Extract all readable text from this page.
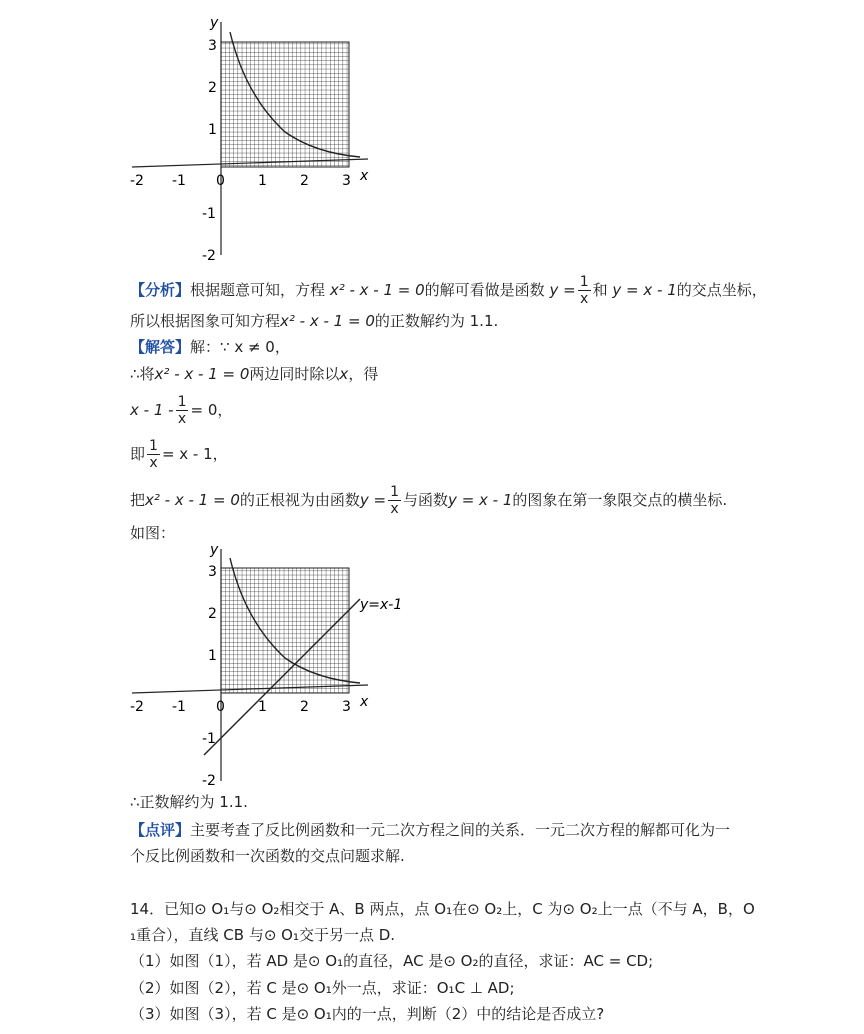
y
x
-2 -1 0 1 2 3
3
2
1
-1
-2
【分析】根据题意可知，方程 x² - x - 1 = 0的解可看做是函数 $y = \frac{1}{x}$ 和 y = x - 1的交点坐标，
所以根据图象可知方程x² - x - 1 = 0的正数解约为 1.1.
【解答】解：∵ x ≠ 0，
∴将x² - x - 1 = 0两边同时除以x，得
$x - 1 - \frac{1}{x} = 0$，
即 $\frac{1}{x} = x - 1$，
把x² - x - 1 = 0的正根视为由函数$y = \frac{1}{x}$ 与函数y = x - 1的图象在第一象限交点的横坐标.
如图：
y=x-1
y
x
-2 -1 0 1 2 3
3
2
1
-1
-2
∴正数解约为 1.1.
【点评】主要考查了反比例函数和一元二次方程之间的关系．一元二次方程的解都可化为一
个反比例函数和一次函数的交点问题求解.
14．已知⊙ O₁与⊙ O₂相交于 A、B 两点，点 O₁在⊙ O₂上，C 为⊙ O₂上一点（不与 A，B，O
₁重合），直线 CB 与⊙ O₁交于另一点 D.
（1）如图（1），若 AD 是⊙ O₁的直径，AC 是⊙ O₂的直径，求证：AC = CD;
（2）如图（2），若 C 是⊙ O₁外一点，求证：O₁C ⊥ AD;
（3）如图（3），若 C 是⊙ O₁内的一点，判断（2）中的结论是否成立?
